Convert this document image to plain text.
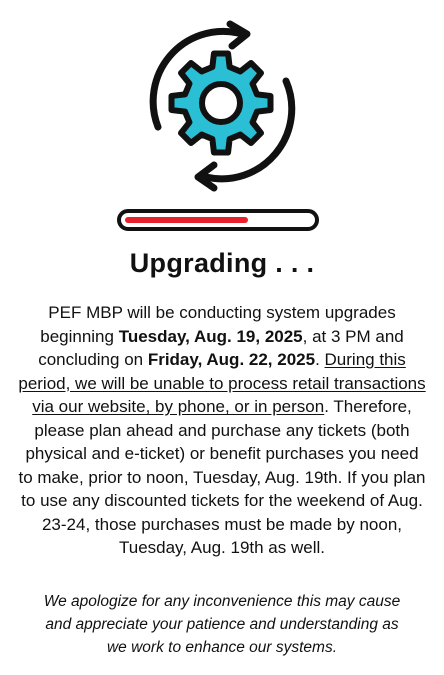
Upgrading . . .

PEF MBP will be conducting system upgrades beginning Tuesday, Aug. 19, 2025, at 3 PM and concluding on Friday, Aug. 22, 2025. During this period, we will be unable to process retail transactions via our website, by phone, or in person. Therefore, please plan ahead and purchase any tickets (both physical and e-ticket) or benefit purchases you need to make, prior to noon, Tuesday, Aug. 19th. If you plan to use any discounted tickets for the weekend of Aug. 23-24, those purchases must be made by noon, Tuesday, Aug. 19th as well.

We apologize for any inconvenience this may cause and appreciate your patience and understanding as we work to enhance our systems.
